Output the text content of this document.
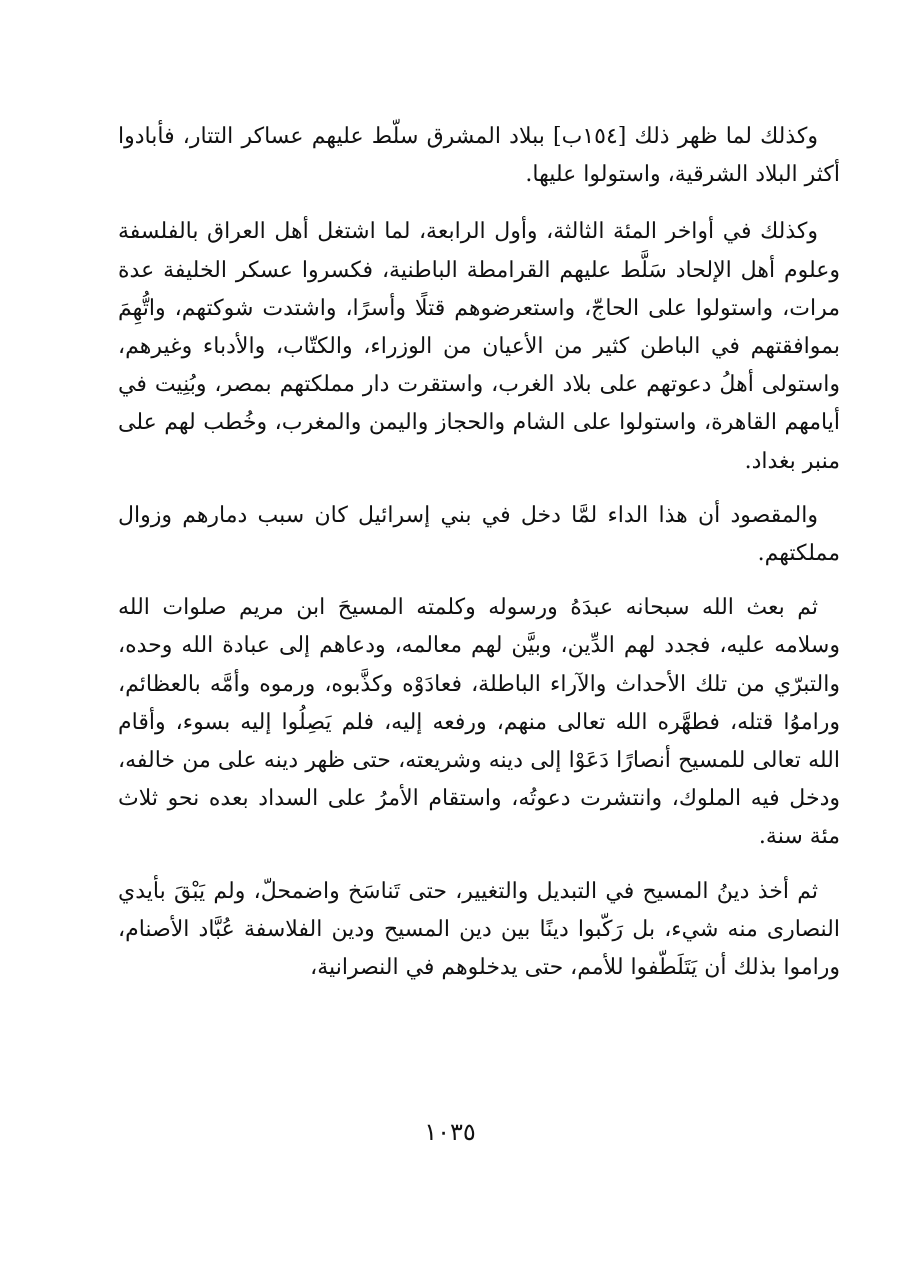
وكذلك لما ظهر ذلك [١٥٤ب] ببلاد المشرق سلّط عليهم عساكر التتار، فأبادوا أكثر البلاد الشرقية، واستولوا عليها.

وكذلك في أواخر المئة الثالثة، وأول الرابعة، لما اشتغل أهل العراق بالفلسفة وعلوم أهل الإلحاد سَلَّط عليهم القرامطة الباطنية، فكسروا عسكر الخليفة عدة مرات، واستولوا على الحاجّ، واستعرضوهم قتلًا وأسرًا، واشتدت شوكتهم، واتُّهِمَ بموافقتهم في الباطن كثير من الأعيان من الوزراء، والكتّاب، والأدباء وغيرهم، واستولى أهلُ دعوتهم على بلاد الغرب، واستقرت دار مملكتهم بمصر، وبُنِيت في أيامهم القاهرة، واستولوا على الشام والحجاز واليمن والمغرب، وخُطب لهم على منبر بغداد.

والمقصود أن هذا الداء لمَّا دخل في بني إسرائيل كان سبب دمارهم وزوال مملكتهم.

ثم بعث الله سبحانه عبدَهُ ورسوله وكلمته المسيحَ ابن مريم صلوات الله وسلامه عليه، فجدد لهم الدِّين، وبيَّن لهم معالمه، ودعاهم إلى عبادة الله وحده، والتبرّي من تلك الأحداث والآراء الباطلة، فعادَوْه وكذَّبوه، ورموه وأمَّه بالعظائم، وراموُا قتله، فطهَّره الله تعالى منهم، ورفعه إليه، فلم يَصِلُوا إليه بسوء، وأقام الله تعالى للمسيح أنصارًا دَعَوْا إلى دينه وشريعته، حتى ظهر دينه على من خالفه، ودخل فيه الملوك، وانتشرت دعوتُه، واستقام الأمرُ على السداد بعده نحو ثلاث مئة سنة.

ثم أخذ دينُ المسيح في التبديل والتغيير، حتى تَناسَخ واضمحلّ، ولم يَبْقَ بأيدي النصارى منه شيء، بل رَكّبوا دينًا بين دين المسيح ودين الفلاسفة عُبَّاد الأصنام، وراموا بذلك أن يَتَلَطّفوا للأمم، حتى يدخلوهم في النصرانية،

١٠٣٥
